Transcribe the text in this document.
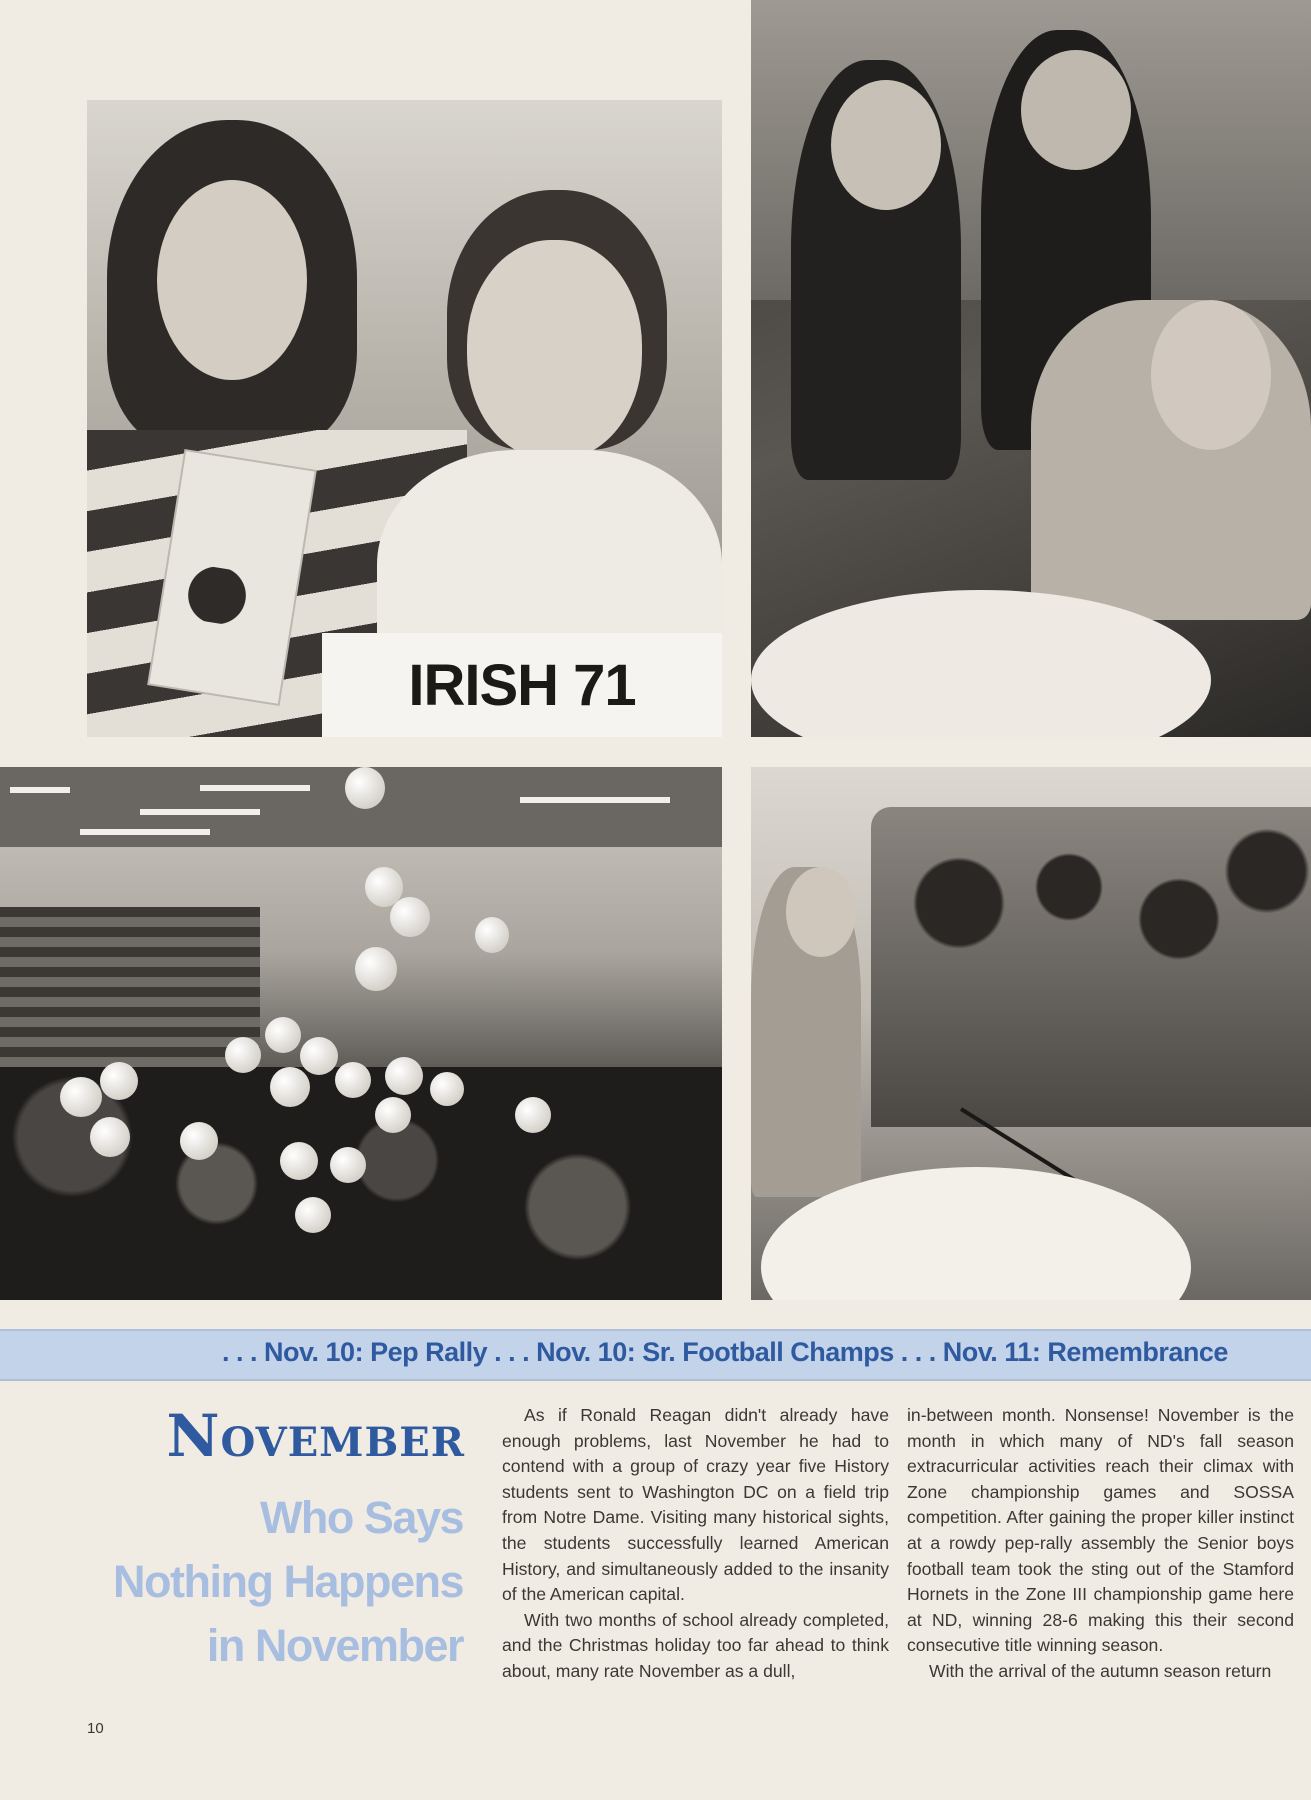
IRISH 71
. . . Nov. 10: Pep Rally . . . Nov. 10: Sr. Football Champs . . . Nov. 11: Remembrance
NOVEMBER
Who Says
Nothing Happens
in November

As if Ronald Reagan didn't already have enough problems, last November he had to contend with a group of crazy year five History students sent to Washington DC on a field trip from Notre Dame. Visiting many historical sights, the students successfully learned American History, and simultaneously added to the insanity of the American capital.

With two months of school already completed, and the Christmas holiday too far ahead to think about, many rate November as a dull,

in-between month. Nonsense! November is the month in which many of ND's fall season extracurricular activities reach their climax with Zone championship games and SOSSA competition. After gaining the proper killer instinct at a rowdy pep-rally assembly the Senior boys football team took the sting out of the Stamford Hornets in the Zone III championship game here at ND, winning 28-6 making this their second consecutive title winning season.

With the arrival of the autumn season return

10
